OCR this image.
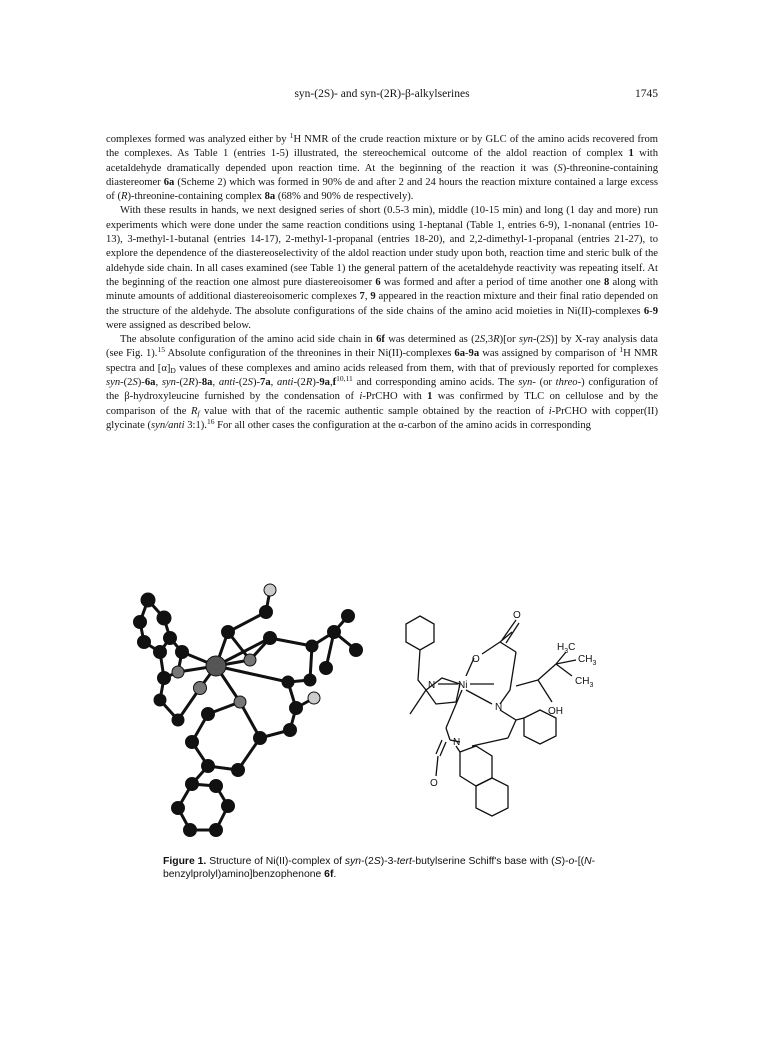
syn-(2S)- and syn-(2R)-β-alkylserines	1745

complexes formed was analyzed either by $^1$H NMR of the crude reaction mixture or by GLC of the amino acids recovered from the complexes. As Table 1 (entries 1-5) illustrated, the stereochemical outcome of the aldol reaction of complex 1 with acetaldehyde dramatically depended upon reaction time. At the beginning of the reaction it was (S)-threonine-containing diastereomer 6a (Scheme 2) which was formed in 90% de and after 2 and 24 hours the reaction mixture contained a large excess of (R)-threonine-containing complex 8a (68% and 90% de respectively).

With these results in hands, we next designed series of short (0.5-3 min), middle (10-15 min) and long (1 day and more) run experiments which were done under the same reaction conditions using 1-heptanal (Table 1, entries 6-9), 1-nonanal (entries 10-13), 3-methyl-1-butanal (entries 14-17), 2-methyl-1-propanal (entries 18-20), and 2,2-dimethyl-1-propanal (entries 21-27), to explore the dependence of the diastereoselectivity of the aldol reaction under study upon both, reaction time and steric bulk of the aldehyde side chain. In all cases examined (see Table 1) the general pattern of the acetaldehyde reactivity was repeating itself. At the beginning of the reaction one almost pure diastereoisomer 6 was formed and after a period of time another one 8 along with minute amounts of additional diastereoisomeric complexes 7, 9 appeared in the reaction mixture and their final ratio depended on the structure of the aldehyde. The absolute configurations of the side chains of the amino acid moieties in Ni(II)-complexes 6-9 were assigned as described below.

The absolute configuration of the amino acid side chain in 6f was determined as (2S,3R)[or syn-(2S)] by X-ray analysis data (see Fig. 1).$^{15}$ Absolute configuration of the threonines in their Ni(II)-complexes 6a-9a was assigned by comparison of $^1$H NMR spectra and $[\alpha]_D$ values of these complexes and amino acids released from them, with that of previously reported for complexes syn-(2S)-6a, syn-(2R)-8a, anti-(2S)-7a, anti-$(2R)-9a,f^{10,11}$ and corresponding amino acids. The syn- (or threo-) configuration of the β-hydroxyleucine furnished by the condensation of i-PrCHO with 1 was confirmed by TLC on cellulose and by the comparison of the $R_f$ value with that of the racemic authentic sample obtained by the reaction of i-PrCHO with copper(II) glycinate (syn/anti 3:1).$^{16}$ For all other cases the configuration at the α-carbon of the amino acids in corresponding

O
$H_3C$
$CH_3$
$CH_3$
O
N Ni
N
N
OH
O
Figure 1. Structure of Ni(II)-complex of syn-(2S)-3-tert-butylserine Schiff's base with (S)-o-[(N-benzylprolyl)amino]benzophenone 6f.
